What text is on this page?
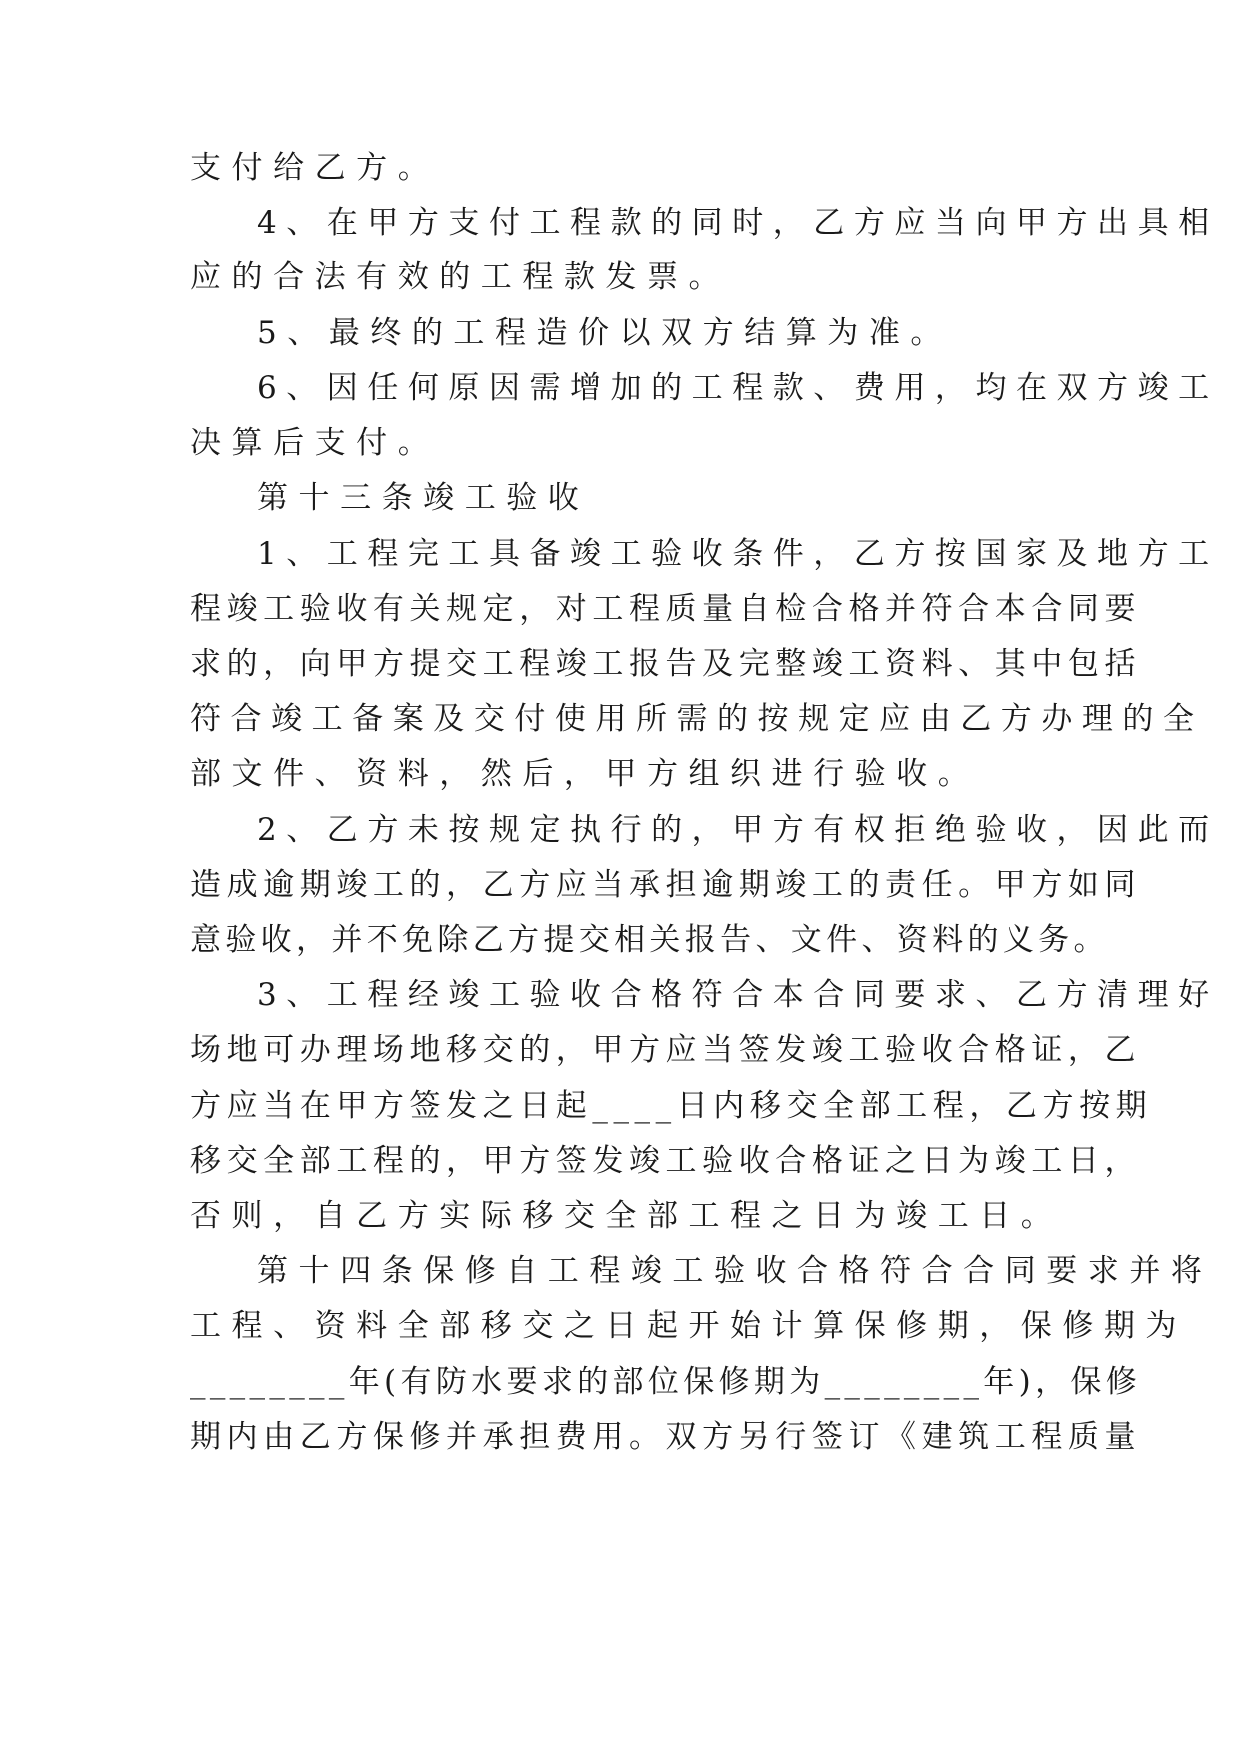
支付给乙方。
4、在甲方支付工程款的同时，乙方应当向甲方出具相
应的合法有效的工程款发票。
5、最终的工程造价以双方结算为准。
6、因任何原因需增加的工程款、费用，均在双方竣工
决算后支付。
第十三条竣工验收
1、工程完工具备竣工验收条件，乙方按国家及地方工
程竣工验收有关规定，对工程质量自检合格并符合本合同要
求的，向甲方提交工程竣工报告及完整竣工资料、其中包括
符合竣工备案及交付使用所需的按规定应由乙方办理的全
部文件、资料，然后，甲方组织进行验收。
2、乙方未按规定执行的，甲方有权拒绝验收，因此而
造成逾期竣工的，乙方应当承担逾期竣工的责任。甲方如同
意验收，并不免除乙方提交相关报告、文件、资料的义务。
3、工程经竣工验收合格符合本合同要求、乙方清理好
场地可办理场地移交的，甲方应当签发竣工验收合格证，乙
方应当在甲方签发之日起____日内移交全部工程，乙方按期
移交全部工程的，甲方签发竣工验收合格证之日为竣工日，
否则，自乙方实际移交全部工程之日为竣工日。
第十四条保修自工程竣工验收合格符合合同要求并将
工程、资料全部移交之日起开始计算保修期，保修期为
________年(有防水要求的部位保修期为________年)，保修
期内由乙方保修并承担费用。双方另行签订《建筑工程质量
